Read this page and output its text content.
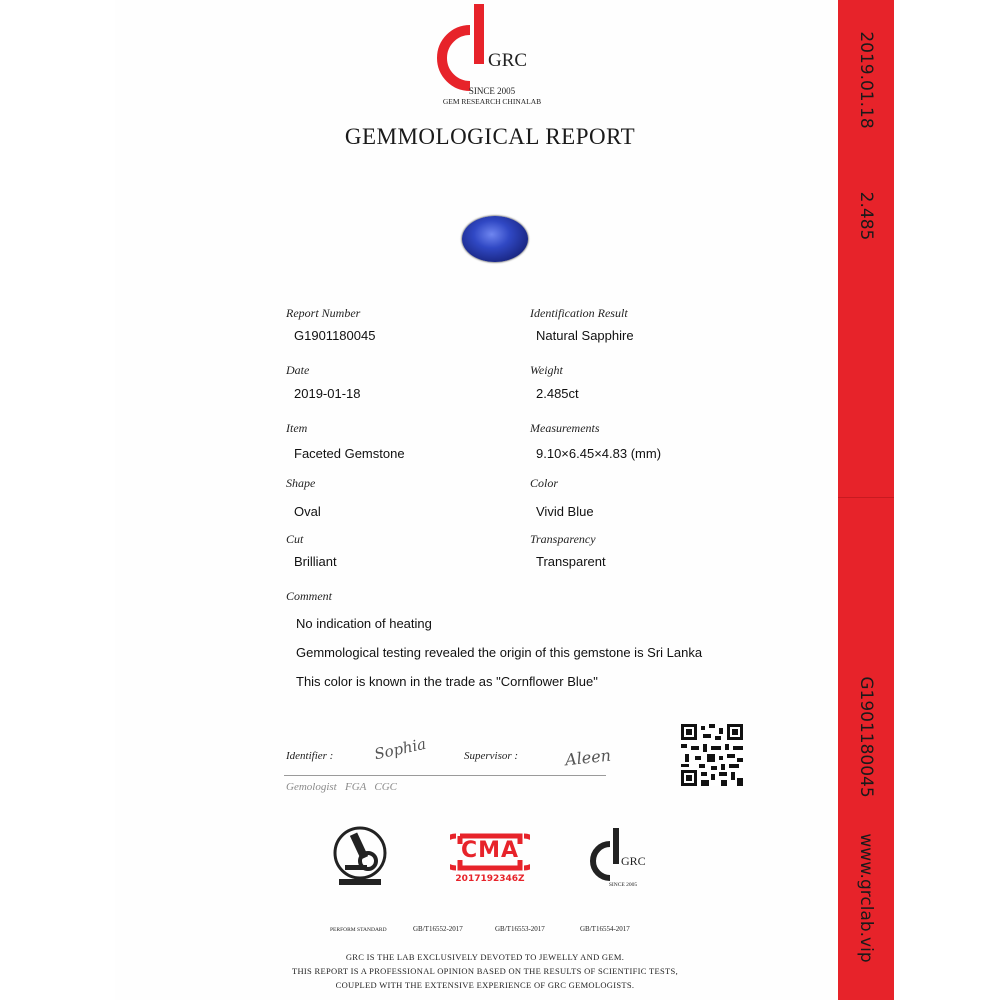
GRC
SINCE 2005
GEM RESEARCH CHINALAB
GEMMOLOGICAL REPORT
Report Number
G1901180045
Identification Result
Natural Sapphire
Date
2019-01-18
Weight
2.485ct
Item
Faceted Gemstone
Measurements
9.10×6.45×4.83 (mm)
Shape
Oval
Color
Vivid Blue
Cut
Brilliant
Transparency
Transparent
Comment
No indication of heating
Gemmological testing revealed the origin of this gemstone is Sri Lanka
This color is known in the trade as "Cornflower Blue"
Identifier :	Sophia	Supervisor :	Aleen
Gemologist   FGA   CGC
CMA
2017192346Z
GRC
SINCE 2005
PERFORM STANDARD	GB/T16552-2017	GB/T16553-2017	GB/T16554-2017
GRC IS THE LAB EXCLUSIVELY DEVOTED TO JEWELLY AND GEM.
THIS REPORT IS A PROFESSIONAL OPINION BASED ON THE RESULTS OF SCIENTIFIC TESTS,
COUPLED WITH THE EXTENSIVE EXPERIENCE OF GRC GEMOLOGISTS.
2019.01.18
2.485
G1901180045
www.grclab.vip
